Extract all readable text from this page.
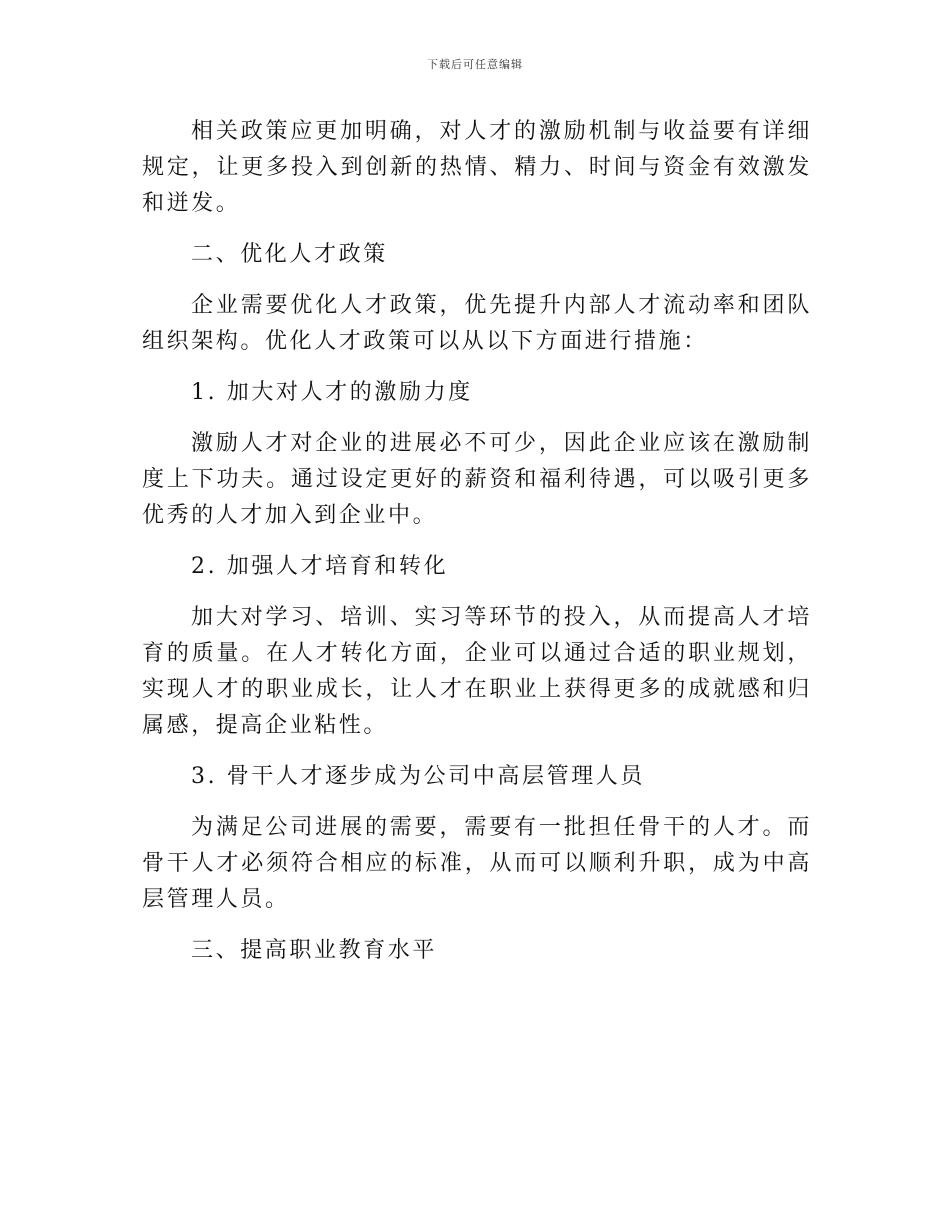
下载后可任意编辑

相关政策应更加明确，对人才的激励机制与收益要有详细规定，让更多投入到创新的热情、精力、时间与资金有效激发和迸发。

二、优化人才政策

企业需要优化人才政策，优先提升内部人才流动率和团队组织架构。优化人才政策可以从以下方面进行措施：

1. 加大对人才的激励力度

激励人才对企业的进展必不可少，因此企业应该在激励制度上下功夫。通过设定更好的薪资和福利待遇，可以吸引更多优秀的人才加入到企业中。

2. 加强人才培育和转化

加大对学习、培训、实习等环节的投入，从而提高人才培育的质量。在人才转化方面，企业可以通过合适的职业规划，实现人才的职业成长，让人才在职业上获得更多的成就感和归属感，提高企业粘性。

3. 骨干人才逐步成为公司中高层管理人员

为满足公司进展的需要，需要有一批担任骨干的人才。而骨干人才必须符合相应的标准，从而可以顺利升职，成为中高层管理人员。

三、提高职业教育水平
